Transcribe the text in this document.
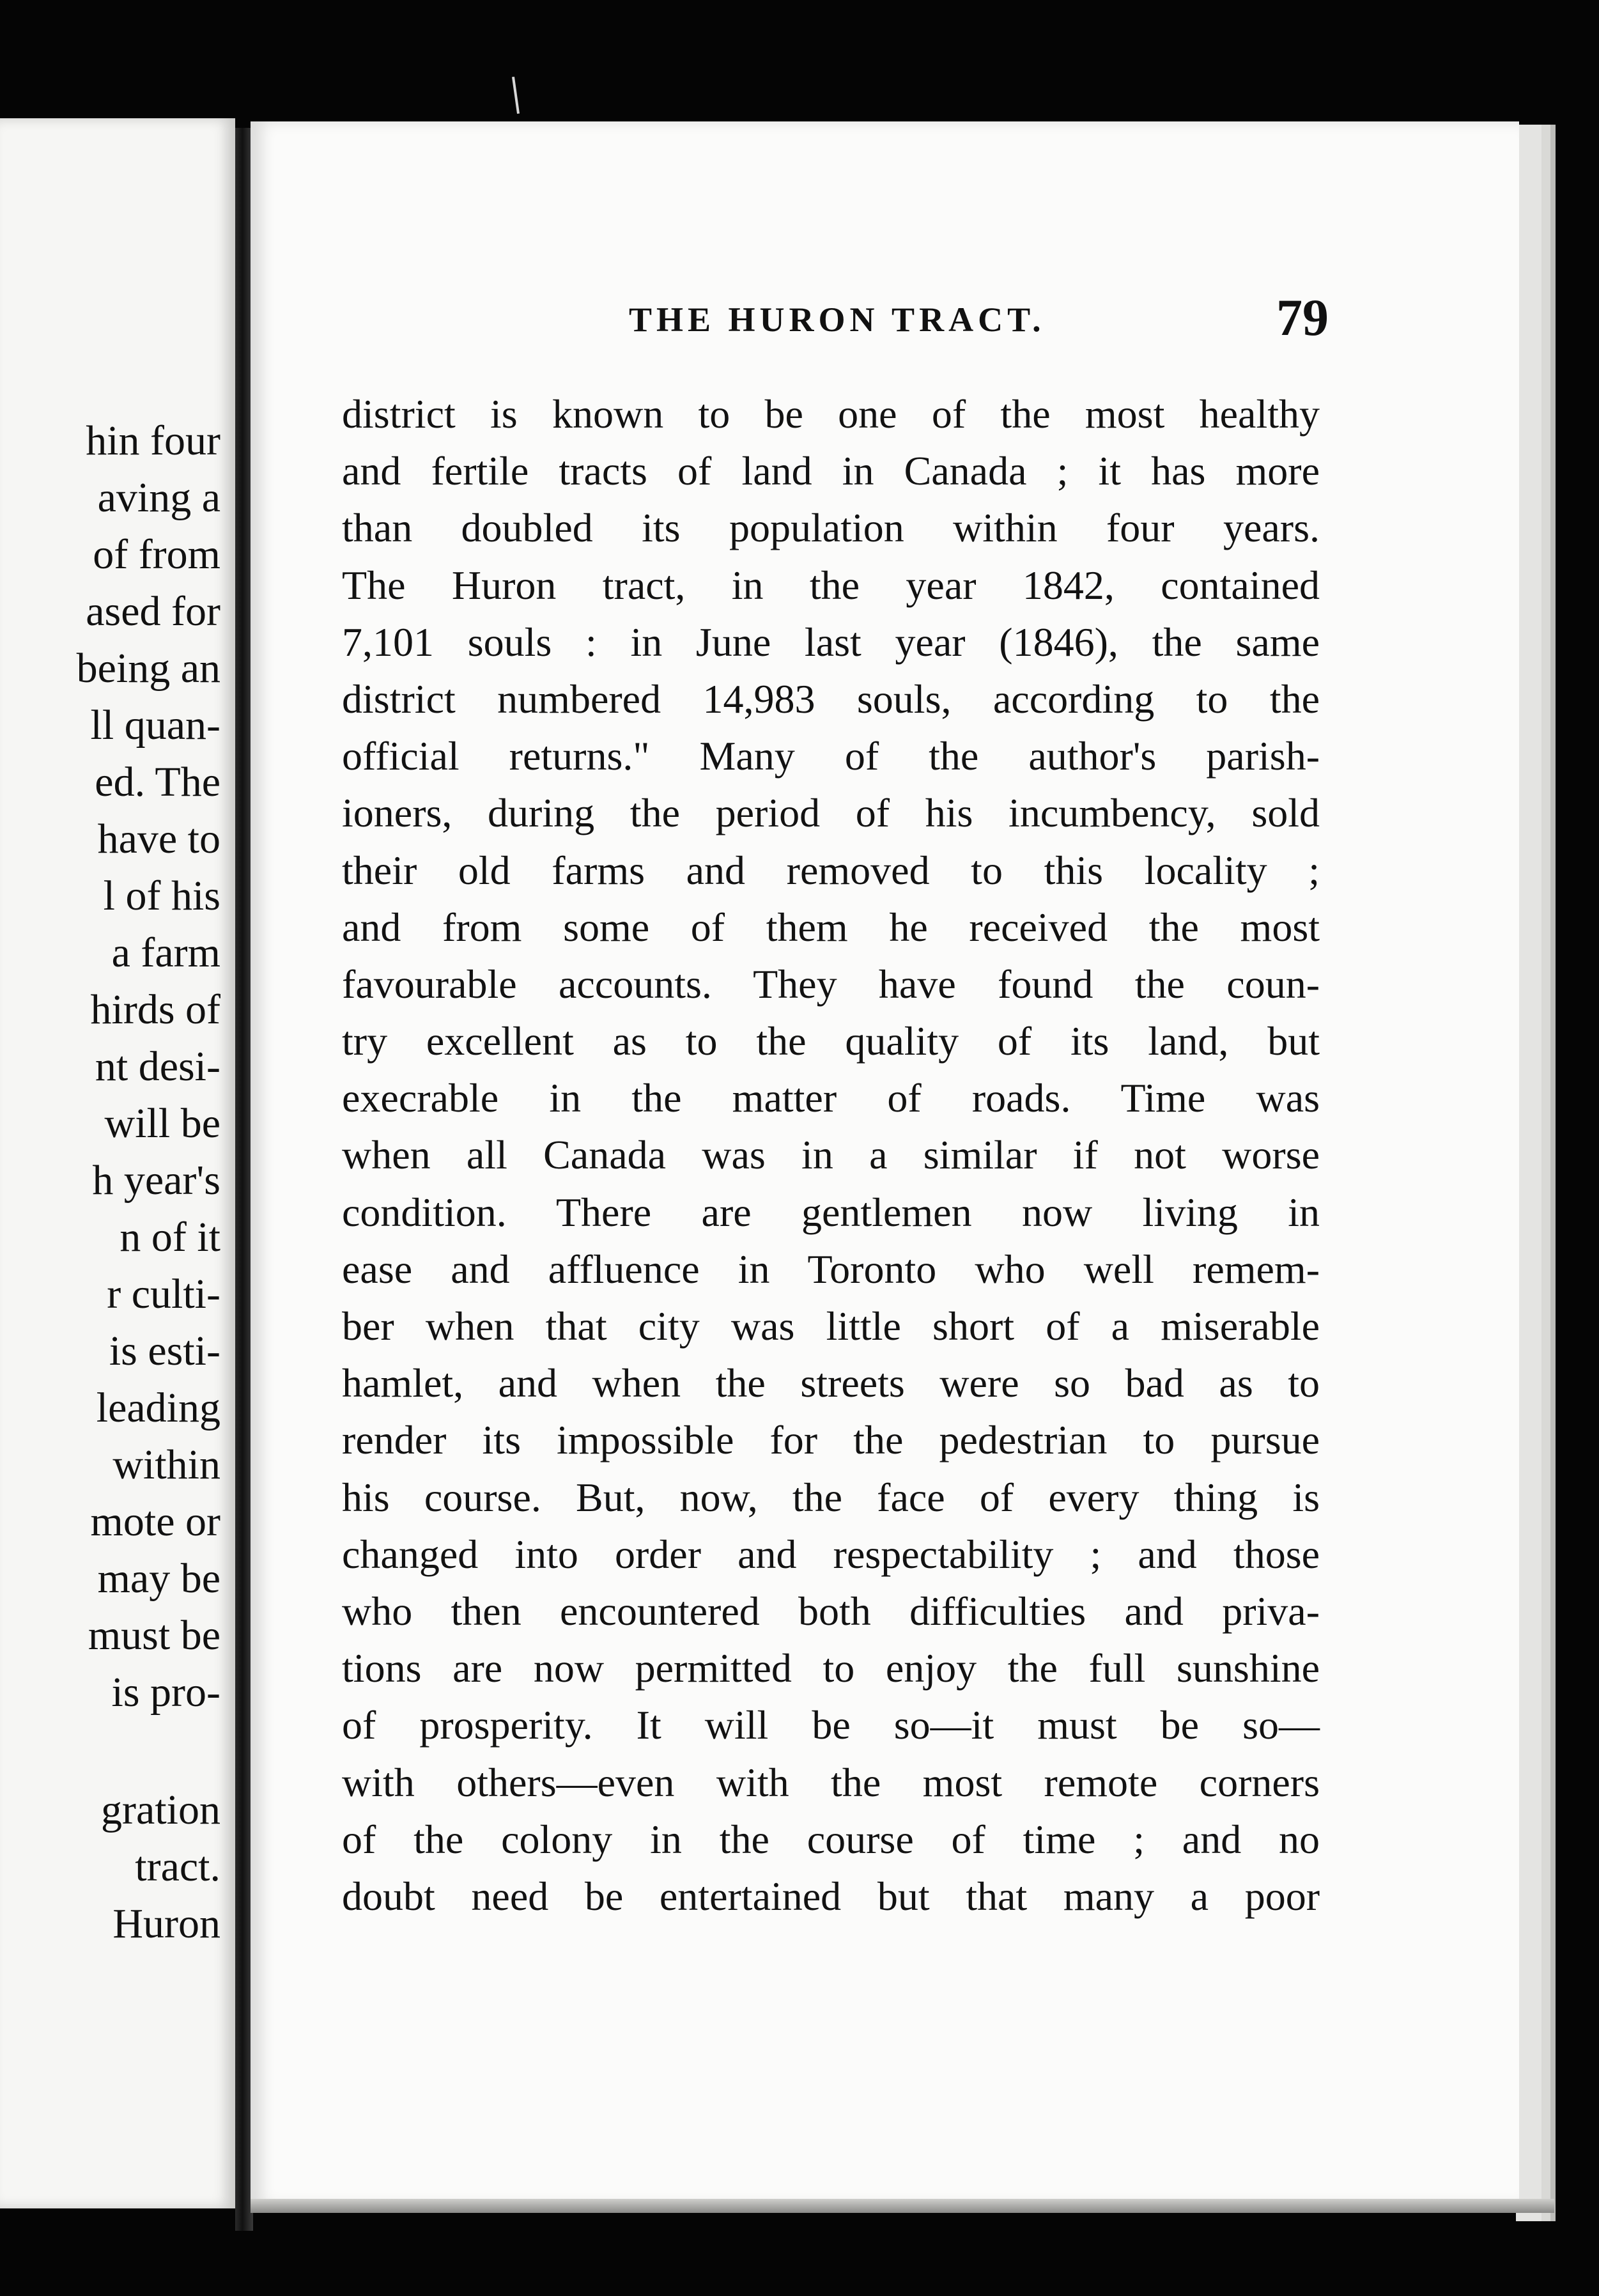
hin four
aving a
of from
ased for
being an
ll quan-
ed. The
have to
l of his
a farm
hirds of
nt desi-
will be
h year's
n of it
r culti-
is esti-
leading
within
mote or
may be
must be
is pro-
gration
tract.
Huron
THE HURON TRACT.	79
district is known to be one of the most healthy
and fertile tracts of land in Canada ; it has more
than doubled its population within four years.
The Huron tract, in the year 1842, contained
7,101 souls : in June last year (1846), the same
district numbered 14,983 souls, according to the
official returns." Many of the author's parish-
ioners, during the period of his incumbency, sold
their old farms and removed to this locality ;
and from some of them he received the most
favourable accounts. They have found the coun-
try excellent as to the quality of its land, but
execrable in the matter of roads. Time was
when all Canada was in a similar if not worse
condition. There are gentlemen now living in
ease and affluence in Toronto who well remem-
ber when that city was little short of a miserable
hamlet, and when the streets were so bad as to
render its impossible for the pedestrian to pursue
his course. But, now, the face of every thing is
changed into order and respectability ; and those
who then encountered both difficulties and priva-
tions are now permitted to enjoy the full sunshine
of prosperity. It will be so—it must be so—
with others—even with the most remote corners
of the colony in the course of time ; and no
doubt need be entertained but that many a poor
